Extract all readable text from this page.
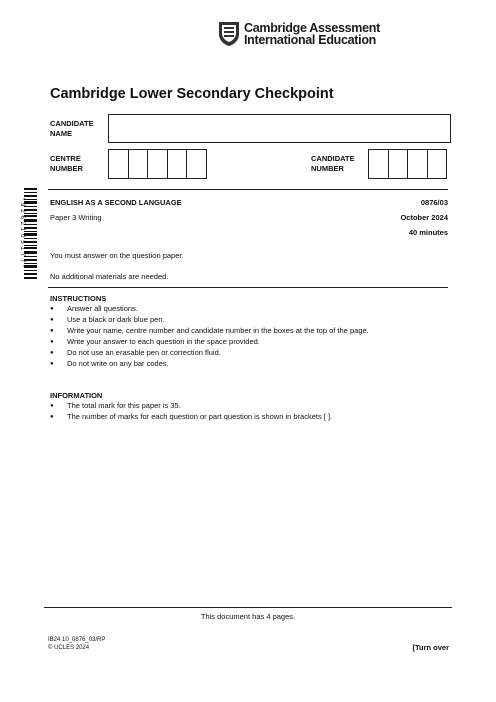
Cambridge Assessment
International Education
Cambridge Lower Secondary Checkpoint
CANDIDATE
NAME
CENTRE
NUMBER
CANDIDATE
NUMBER
* 9 2 6 2 1 0 5 1 7 7 *	ENGLISH AS A SECOND LANGUAGE	0876/03
Paper 3 Writing	October 2024
40 minutes
You must answer on the question paper.
No additional materials are needed.
INSTRUCTIONS
● Answer all questions.
● Use a black or dark blue pen.
● Write your name, centre number and candidate number in the boxes at the top of the page.
● Write your answer to each question in the space provided.
● Do not use an erasable pen or correction fluid.
● Do not write on any bar codes.
INFORMATION
● The total mark for this paper is 35.
● The number of marks for each question or part question is shown in brackets [ ].
This document has 4 pages.
IB24 10_0876_03/RP
© UCLES 2024	[Turn over
